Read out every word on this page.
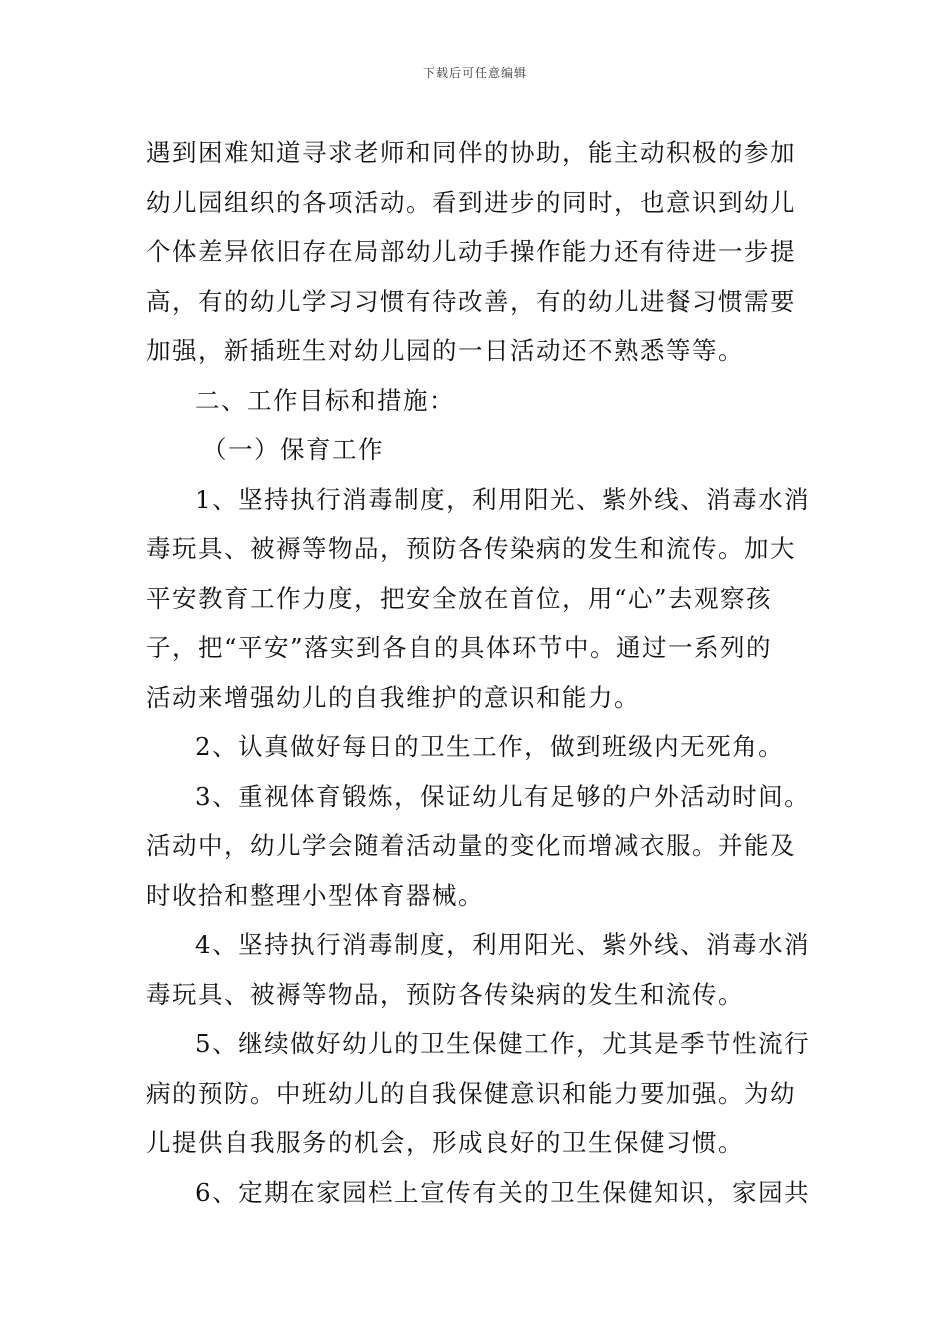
下载后可任意编辑
遇到困难知道寻求老师和同伴的协助，能主动积极的参加
幼儿园组织的各项活动。看到进步的同时，也意识到幼儿
个体差异依旧存在局部幼儿动手操作能力还有待进一步提
高，有的幼儿学习习惯有待改善，有的幼儿进餐习惯需要
加强，新插班生对幼儿园的一日活动还不熟悉等等。
二、工作目标和措施：
（一）保育工作
1、坚持执行消毒制度，利用阳光、紫外线、消毒水消
毒玩具、被褥等物品，预防各传染病的发生和流传。加大
平安教育工作力度，把安全放在首位，用“心”去观察孩
子，把“平安”落实到各自的具体环节中。通过一系列的
活动来增强幼儿的自我维护的意识和能力。
2、认真做好每日的卫生工作，做到班级内无死角。
3、重视体育锻炼，保证幼儿有足够的户外活动时间。
活动中，幼儿学会随着活动量的变化而增减衣服。并能及
时收拾和整理小型体育器械。
4、坚持执行消毒制度，利用阳光、紫外线、消毒水消
毒玩具、被褥等物品，预防各传染病的发生和流传。
5、继续做好幼儿的卫生保健工作，尤其是季节性流行
病的预防。中班幼儿的自我保健意识和能力要加强。为幼
儿提供自我服务的机会，形成良好的卫生保健习惯。
6、定期在家园栏上宣传有关的卫生保健知识，家园共
